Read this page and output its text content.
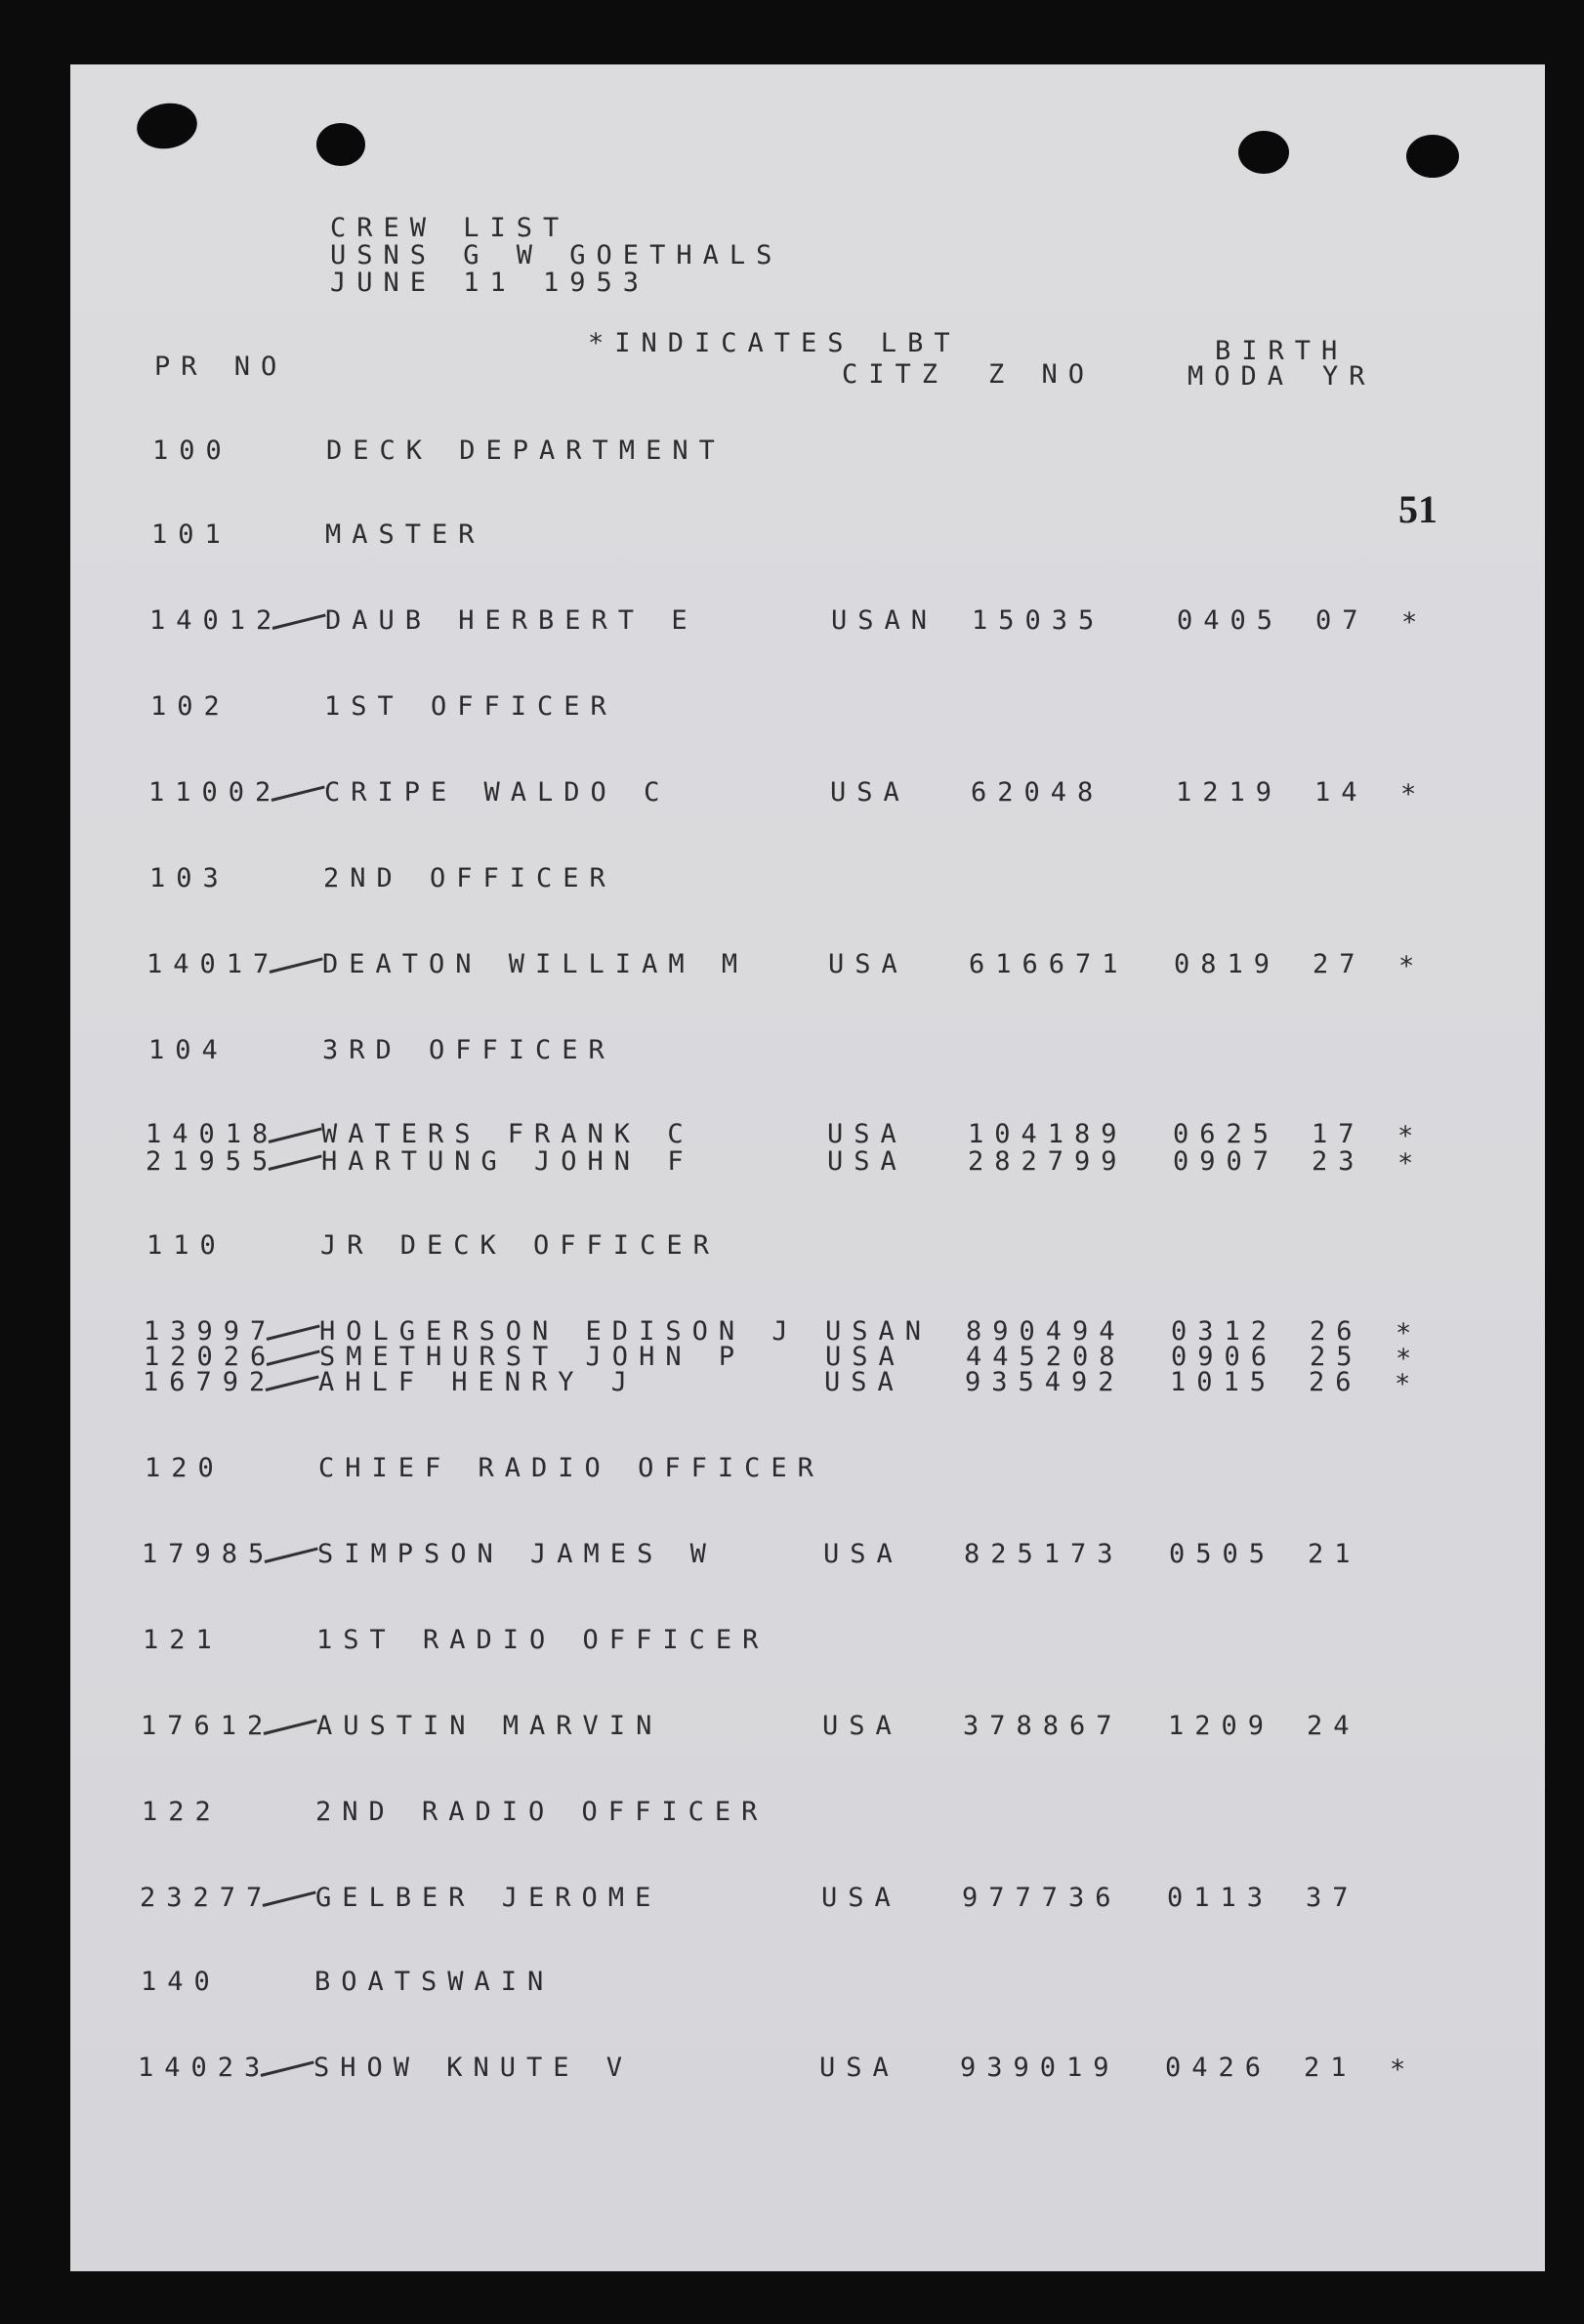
CREW LIST
USNS G W GOETHALS
JUNE 11 1953
PR NO
*INDICATES LBT
CITZ Z NO
BIRTH
MODA YR
51
100	DECK DEPARTMENT
101	MASTER
14012 DAUB HERBERT E	USAN 15035	0405 07 *
102	1ST OFFICER
11002 CRIPE WALDO C	USA 62048	1219 14 *
103	2ND OFFICER
14017 DEATON WILLIAM M	USA 616671 0819 27 *
104	3RD OFFICER
14018 WATERS FRANK C	USA 104189 0625 17 *
21955 HARTUNG JOHN F	USA 282799 0907 23 *
110	JR DECK OFFICER
13997 HOLGERSON EDISON J USAN 890494 0312 26 *
12026 SMETHURST JOHN P	USA 445208 0906 25 *
16792 AHLF HENRY J	USA 935492 1015 26 *
120	CHIEF RADIO OFFICER
17985 SIMPSON JAMES W	USA 825173 0505 21
121	1ST RADIO OFFICER
17612 AUSTIN MARVIN	USA 378867 1209 24
122	2ND RADIO OFFICER
23277 GELBER JEROME	USA 977736 0113 37
140	BOATSWAIN
14023 SHOW KNUTE V	USA 939019 0426 21 *
